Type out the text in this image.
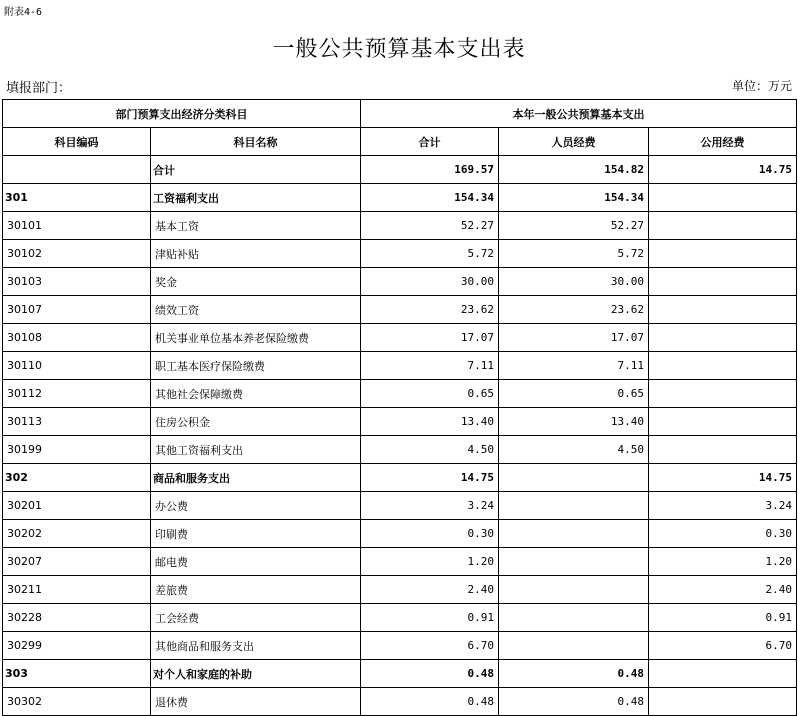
附表4-6
一般公共预算基本支出表
填报部门：	单位：万元
部门预算支出经济分类科目		本年一般公共预算基本支出		
科目编码	科目名称	合计	人员经费	公用经费
	合计	169.57	154.82	14.75
301	工资福利支出	154.34	154.34	
30101	基本工资	52.27	52.27	
30102	津贴补贴	5.72	5.72	
30103	奖金	30.00	30.00	
30107	绩效工资	23.62	23.62	
30108	机关事业单位基本养老保险缴费	17.07	17.07	
30110	职工基本医疗保险缴费	7.11	7.11	
30112	其他社会保障缴费	0.65	0.65	
30113	住房公积金	13.40	13.40	
30199	其他工资福利支出	4.50	4.50	
302	商品和服务支出	14.75		14.75
30201	办公费	3.24		3.24
30202	印刷费	0.30		0.30
30207	邮电费	1.20		1.20
30211	差旅费	2.40		2.40
30228	工会经费	0.91		0.91
30299	其他商品和服务支出	6.70		6.70
303	对个人和家庭的补助	0.48	0.48	
30302	退休费	0.48	0.48	
